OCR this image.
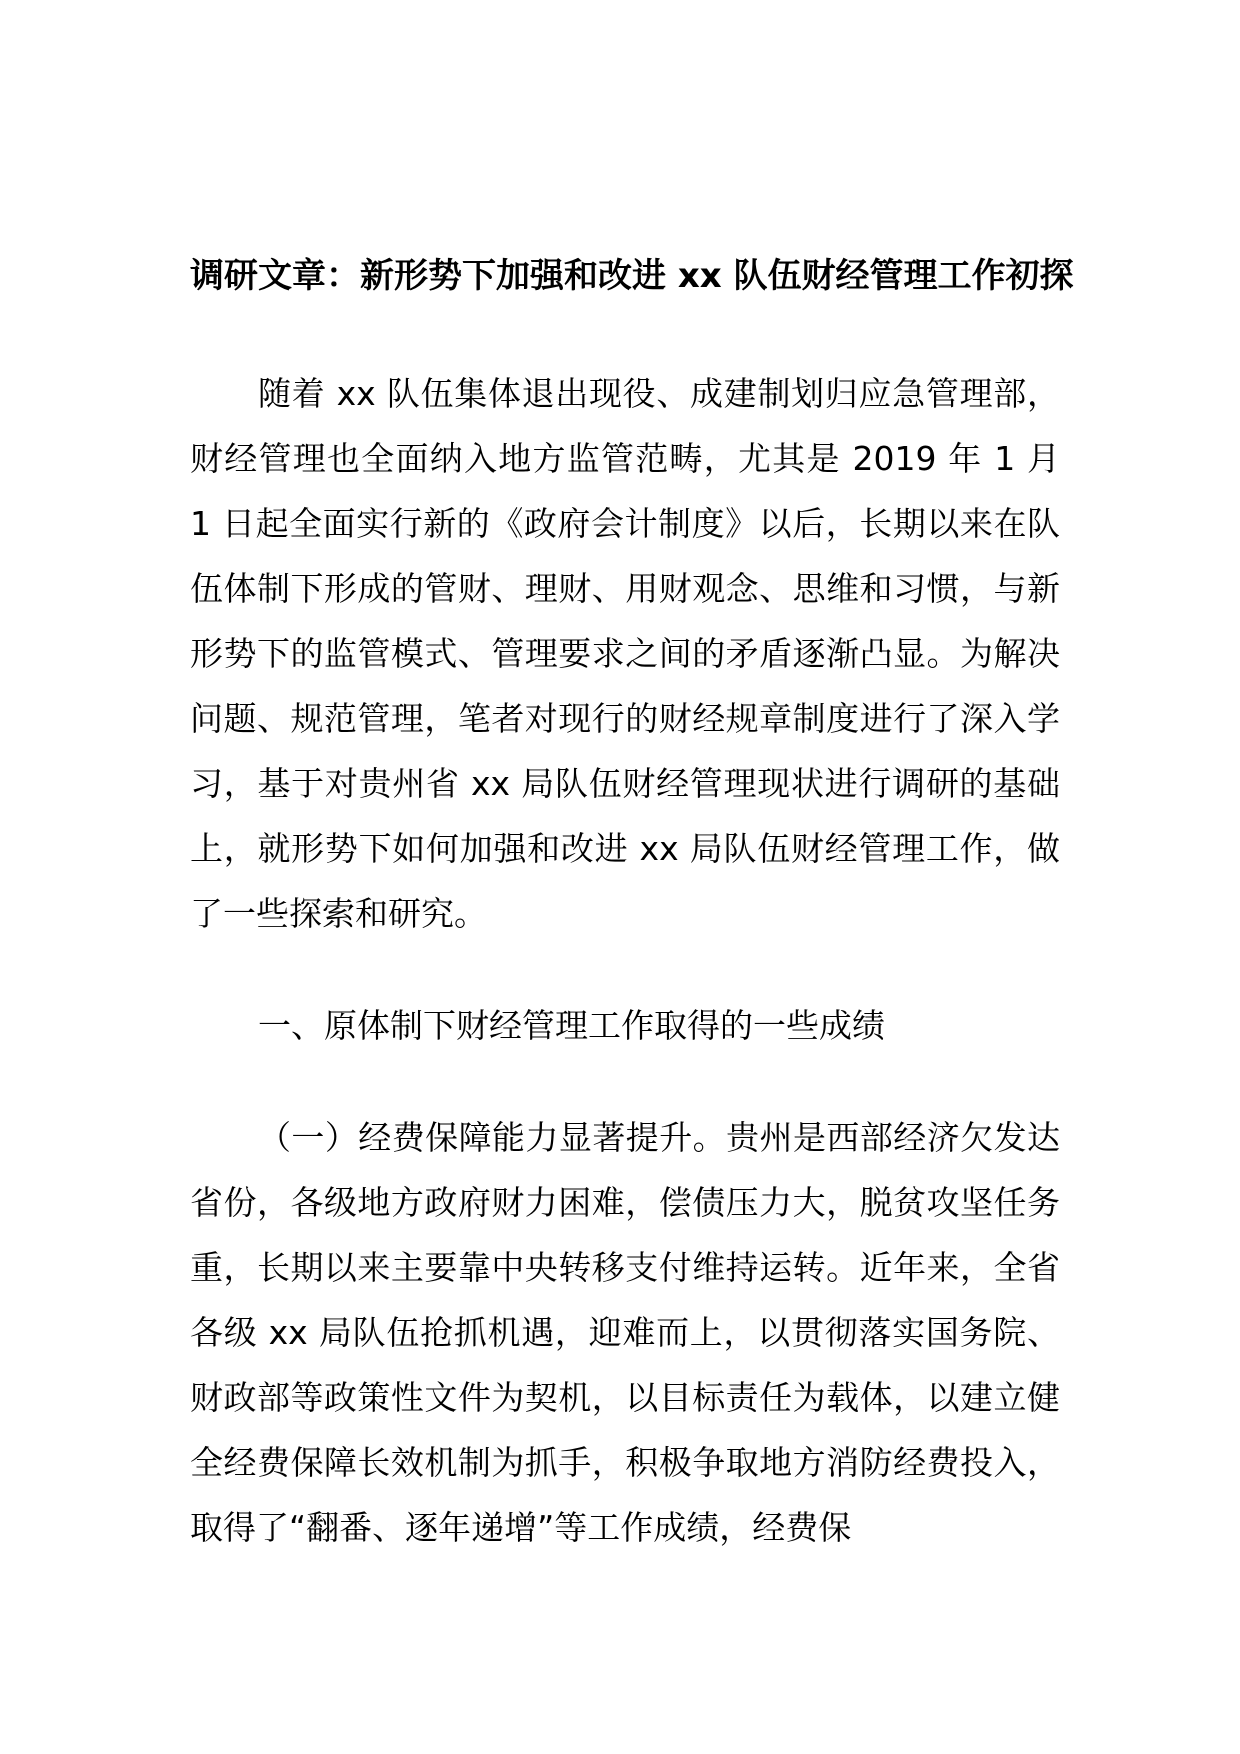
调研文章：新形势下加强和改进 xx 队伍财经管理工作初探

随着 xx 队伍集体退出现役、成建制划归应急管理部，财经管理也全面纳入地方监管范畴，尤其是 2019 年 1 月 1 日起全面实行新的《政府会计制度》以后，长期以来在队伍体制下形成的管财、理财、用财观念、思维和习惯，与新形势下的监管模式、管理要求之间的矛盾逐渐凸显。为解决问题、规范管理，笔者对现行的财经规章制度进行了深入学习，基于对贵州省 xx 局队伍财经管理现状进行调研的基础上，就形势下如何加强和改进 xx 局队伍财经管理工作，做了一些探索和研究。

一、原体制下财经管理工作取得的一些成绩

（一）经费保障能力显著提升。贵州是西部经济欠发达省份，各级地方政府财力困难，偿债压力大，脱贫攻坚任务重，长期以来主要靠中央转移支付维持运转。近年来，全省各级 xx 局队伍抢抓机遇，迎难而上，以贯彻落实国务院、财政部等政策性文件为契机，以目标责任为载体，以建立健全经费保障长效机制为抓手，积极争取地方消防经费投入，取得了“翻番、逐年递增”等工作成绩，经费保
